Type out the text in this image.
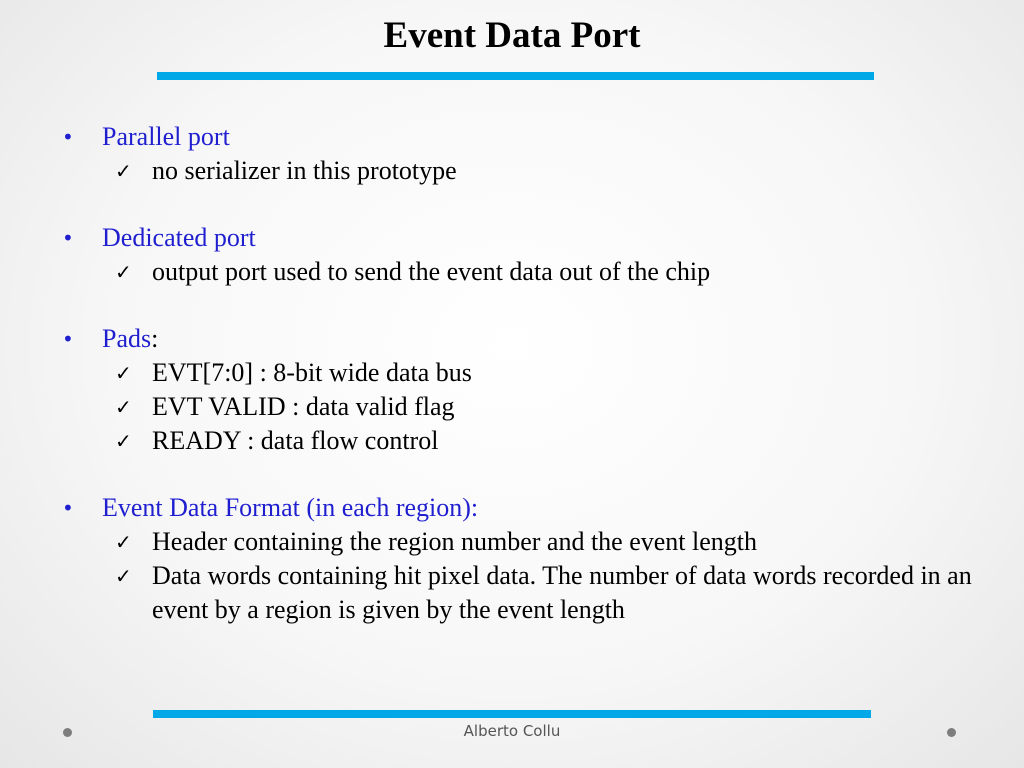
Event Data Port
• Parallel port
✓ no serializer in this prototype
• Dedicated port
✓ output port used to send the event data out of the chip
• Pads:
✓ EVT[7:0] : 8-bit wide data bus
✓ EVT VALID : data valid flag
✓ READY : data flow control
• Event Data Format (in each region):
✓ Header containing the region number and the event length
✓ Data words containing hit pixel data. The number of data words recorded in an event by a region is given by the event length
Alberto Collu
